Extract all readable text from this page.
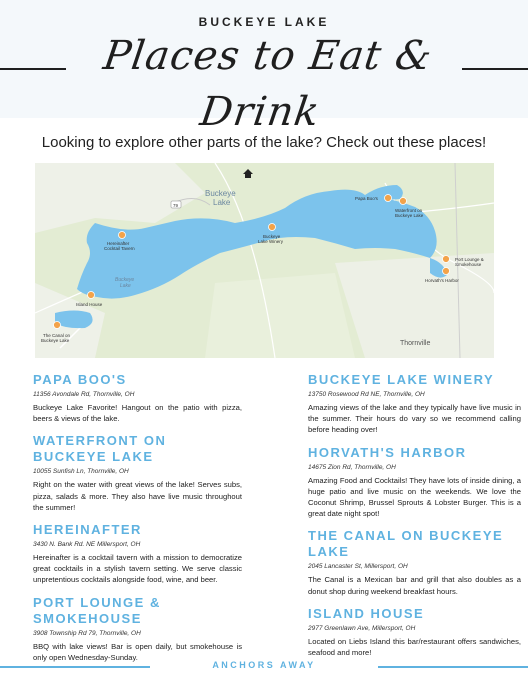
BUCKEYE LAKE
Places to Eat & Drink
Looking to explore other parts of the lake? Check out these places!
Buckeye
Lake
Buckeye
Lake
Thornville
79
Papa Boo's
Waterfront on
Buckeye Lake
Buckeye
Lake Winery
Hereinafter
Cocktail Tavern
Port Lounge &
Smokehouse
Horvath's Harbor
Island House
The Canal on
Buckeye Lake
PAPA BOO'S
11356 Avondale Rd, Thornville, OH
Buckeye Lake Favorite! Hangout on the patio with pizza, beers & views of the lake.
WATERFRONT ON BUCKEYE LAKE
10055 Sunfish Ln, Thornville, OH
Right on the water with great views of the lake! Serves subs, pizza, salads & more. They also have live music throughout the summer!
HEREINAFTER
3430 N. Bank Rd. NE Millersport, OH
Hereinafter is a cocktail tavern with a mission to democratize great cocktails in a stylish tavern setting. We serve classic unpretentious cocktails alongside food, wine, and beer.
PORT LOUNGE & SMOKEHOUSE
3908 Township Rd 79, Thornville, OH
BBQ with lake views! Bar is open daily, but smokehouse is only open Wednesday-Sunday.
BUCKEYE LAKE WINERY
13750 Rosewood Rd NE, Thornville, OH
Amazing views of the lake and they typically have live music in the summer. Their hours do vary so we recommend calling before heading over!
HORVATH'S HARBOR
14675 Zion Rd, Thornville, OH
Amazing Food and Cocktails! They have lots of inside dining, a huge patio and live music on the weekends. We love the Coconut Shrimp, Brussel Sprouts & Lobster Burger. This is a great date night spot!
THE CANAL ON BUCKEYE LAKE
2045 Lancaster St, Millersport, OH
The Canal is a Mexican bar and grill that also doubles as a donut shop during weekend breakfast hours.
ISLAND HOUSE
2977 Greenlawn Ave, Millersport, OH
Located on Liebs Island this bar/restaurant offers sandwiches, seafood and more!
ANCHORS AWAY
